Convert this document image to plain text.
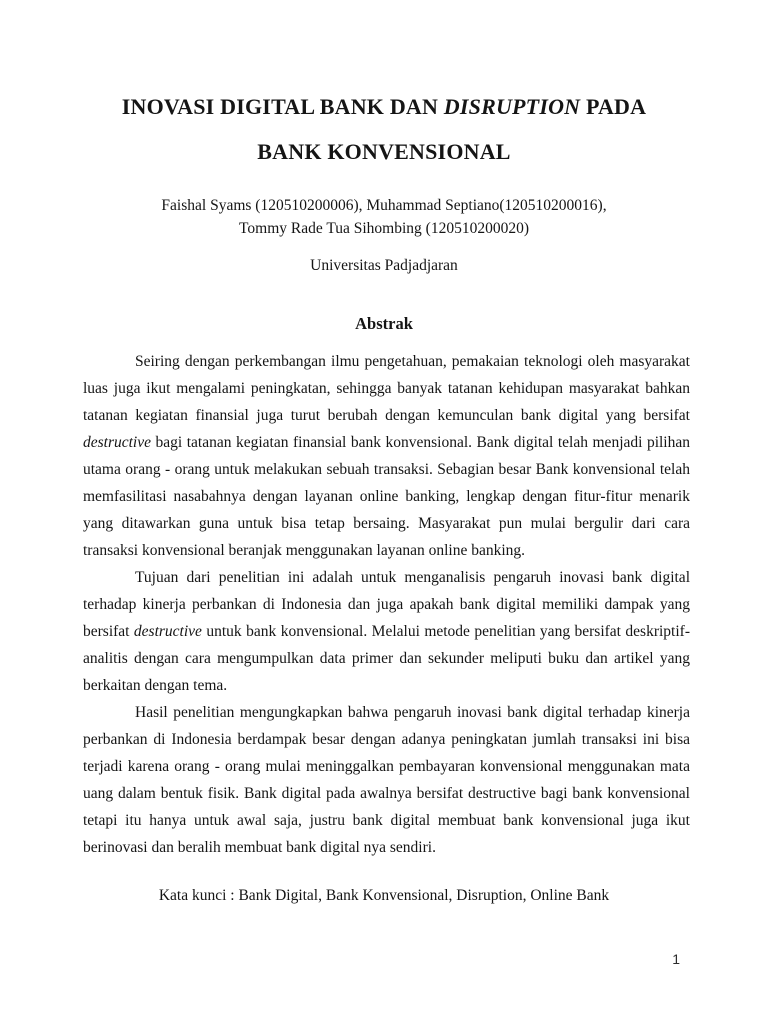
INOVASI DIGITAL BANK DAN DISRUPTION PADA
BANK KONVENSIONAL
Faishal Syams (120510200006), Muhammad Septiano(120510200016),
Tommy Rade Tua Sihombing (120510200020)
Universitas Padjadjaran
Abstrak

Seiring dengan perkembangan ilmu pengetahuan, pemakaian teknologi oleh masyarakat luas juga ikut mengalami peningkatan, sehingga banyak tatanan kehidupan masyarakat bahkan tatanan kegiatan finansial juga turut berubah dengan kemunculan bank digital yang bersifat destructive bagi tatanan kegiatan finansial bank konvensional. Bank digital telah menjadi pilihan utama orang - orang untuk melakukan sebuah transaksi. Sebagian besar Bank konvensional telah memfasilitasi nasabahnya dengan layanan online banking, lengkap dengan fitur-fitur menarik yang ditawarkan guna untuk bisa tetap bersaing. Masyarakat pun mulai bergulir dari cara transaksi konvensional beranjak menggunakan layanan online banking.

Tujuan dari penelitian ini adalah untuk menganalisis pengaruh inovasi bank digital terhadap kinerja perbankan di Indonesia dan juga apakah bank digital memiliki dampak yang bersifat destructive untuk bank konvensional. Melalui metode penelitian yang bersifat deskriptif-analitis dengan cara mengumpulkan data primer dan sekunder meliputi buku dan artikel yang berkaitan dengan tema.

Hasil penelitian mengungkapkan bahwa pengaruh inovasi bank digital terhadap kinerja perbankan di Indonesia berdampak besar dengan adanya peningkatan jumlah transaksi ini bisa terjadi karena orang - orang mulai meninggalkan pembayaran konvensional menggunakan mata uang dalam bentuk fisik. Bank digital pada awalnya bersifat destructive bagi bank konvensional tetapi itu hanya untuk awal saja, justru bank digital membuat bank konvensional juga ikut berinovasi dan beralih membuat bank digital nya sendiri.

Kata kunci : Bank Digital, Bank Konvensional, Disruption, Online Bank
1
